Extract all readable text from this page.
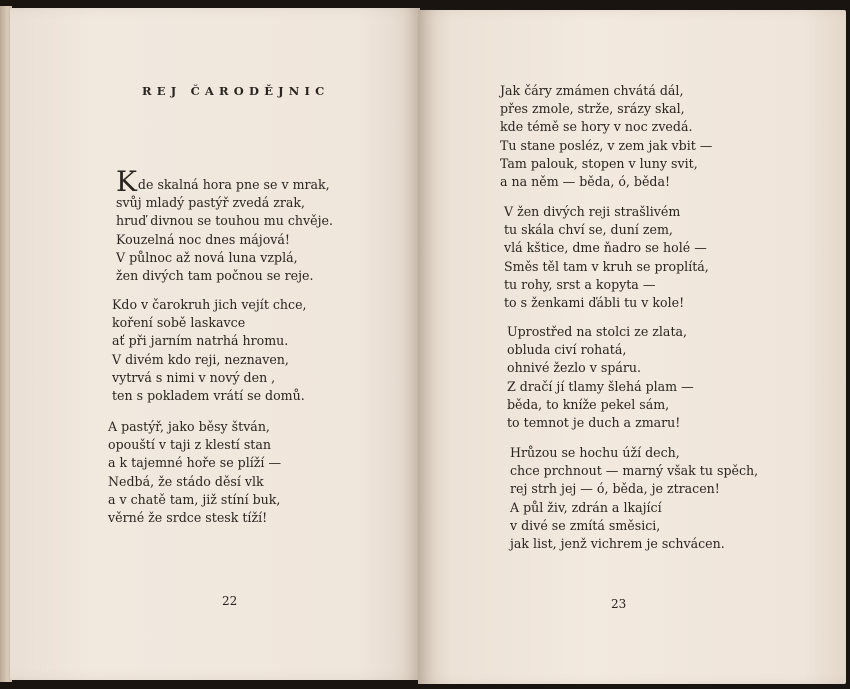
REJ ČARODĚJNIC
Kde skalná hora pne se v mrak,
svůj mladý pastýř zvedá zrak,
hruď divnou se touhou mu chvěje.
Kouzelná noc dnes májová!
V půlnoc až nová luna vzplá,
žen divých tam počnou se reje.
Kdo v čarokruh jich vejít chce,
koření sobě laskavce
ať při jarním natrhá hromu.
V divém kdo reji, neznaven,
vytrvá s nimi v nový den ,
ten s pokladem vrátí se domů.
A pastýř, jako běsy štván,
opouští v taji z klestí stan
a k tajemné hoře se plíží —
Nedbá, že stádo děsí vlk
a v chatě tam, již stíní buk,
věrné že srdce stesk tíží!
22
Jak čáry zmámen chvátá dál,
přes zmole, strže, srázy skal,
kde témě se hory v noc zvedá.
Tu stane posléz, v zem jak vbit —
Tam palouk, stopen v luny svit,
a na něm — běda, ó, běda!
V žen divých reji strašlivém
tu skála chví se, duní zem,
vlá kštice, dme ňadro se holé —
Směs těl tam v kruh se proplítá,
tu rohy, srst a kopyta —
to s ženkami ďábli tu v kole!
Uprostřed na stolci ze zlata,
obluda civí rohatá,
ohnivé žezlo v spáru.
Z dračí jí tlamy šlehá plam —
běda, to kníže pekel sám,
to temnot je duch a zmaru!
Hrůzou se hochu úží dech,
chce prchnout — marný však tu spěch,
rej strh jej — ó, běda, je ztracen!
A půl živ, zdrán a lkající
v divé se zmítá směsici,
jak list, jenž vichrem je schvácen.
23
